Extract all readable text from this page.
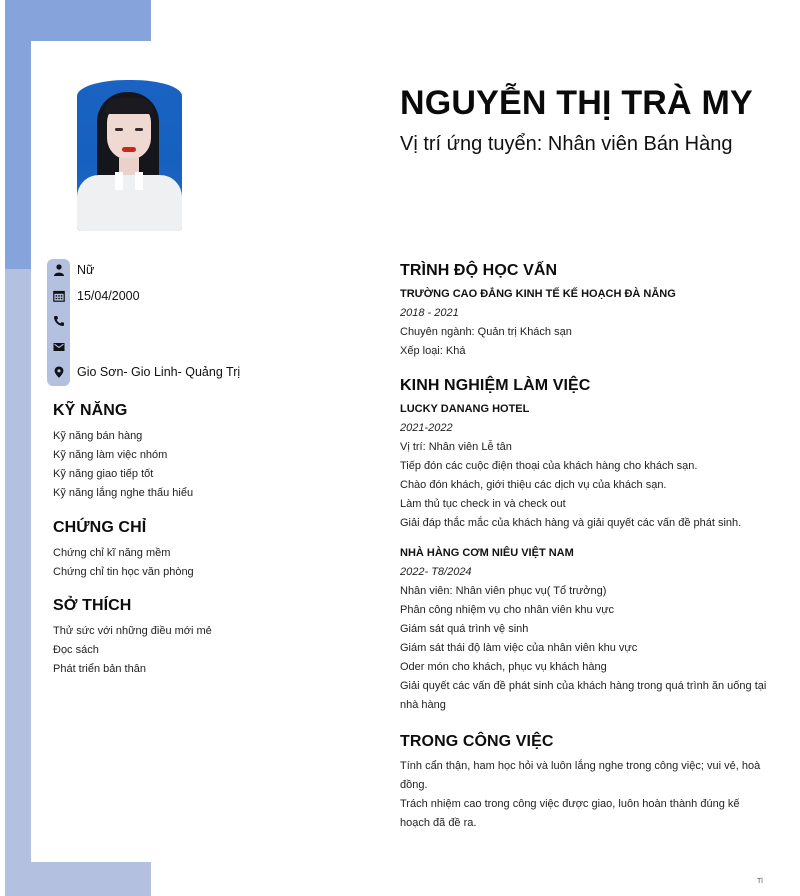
NGUYỄN THỊ TRÀ MY
Vị trí ứng tuyển: Nhân viên Bán Hàng
Nữ
15/04/2000
Gio Sơn- Gio Linh- Quảng Trị
KỸ NĂNG
Kỹ năng bán hàng
Kỹ năng làm việc nhóm
Kỹ năng giao tiếp tốt
Kỹ năng lắng nghe thấu hiểu
CHỨNG CHỈ
Chứng chỉ kĩ năng mềm
Chứng chỉ tin học văn phòng
SỞ THÍCH
Thử sức với những điều mới mẻ
Đọc sách
Phát triển bản thân
TRÌNH ĐỘ HỌC VẤN
TRƯỜNG CAO ĐẲNG KINH TẾ KẾ HOẠCH ĐÀ NẴNG
2018 - 2021
Chuyên ngành: Quản trị Khách sạn
Xếp loại: Khá
KINH NGHIỆM LÀM VIỆC
LUCKY DANANG HOTEL
2021-2022
Vị trí: Nhân viên Lễ tân
Tiếp đón các cuộc điện thoại của khách hàng cho khách sạn.
Chào đón khách, giới thiệu các dịch vụ của khách sạn.
Làm thủ tục check in và check out
Giải đáp thắc mắc của khách hàng và giải quyết các vấn đề phát sinh.
NHÀ HÀNG CƠM NIÊU VIỆT NAM
2022- T8/2024
Nhân viên: Nhân viên phục vụ( Tổ trưởng)
Phân công nhiệm vụ cho nhân viên khu vực
Giám sát quá trình vệ sinh
Giám sát thái độ làm việc của nhân viên khu vực
Oder món cho khách, phục vụ khách hàng
Giải quyết các vấn đề phát sinh của khách hàng trong quá trình ăn uống tại nhà hàng
TRONG CÔNG VIỆC
Tính cẩn thận, ham học hỏi và luôn lắng nghe trong công việc; vui vẻ, hoà đồng.
Trách nhiệm cao trong công việc được giao, luôn hoàn thành đúng kế hoạch đã đề ra.
Tl
